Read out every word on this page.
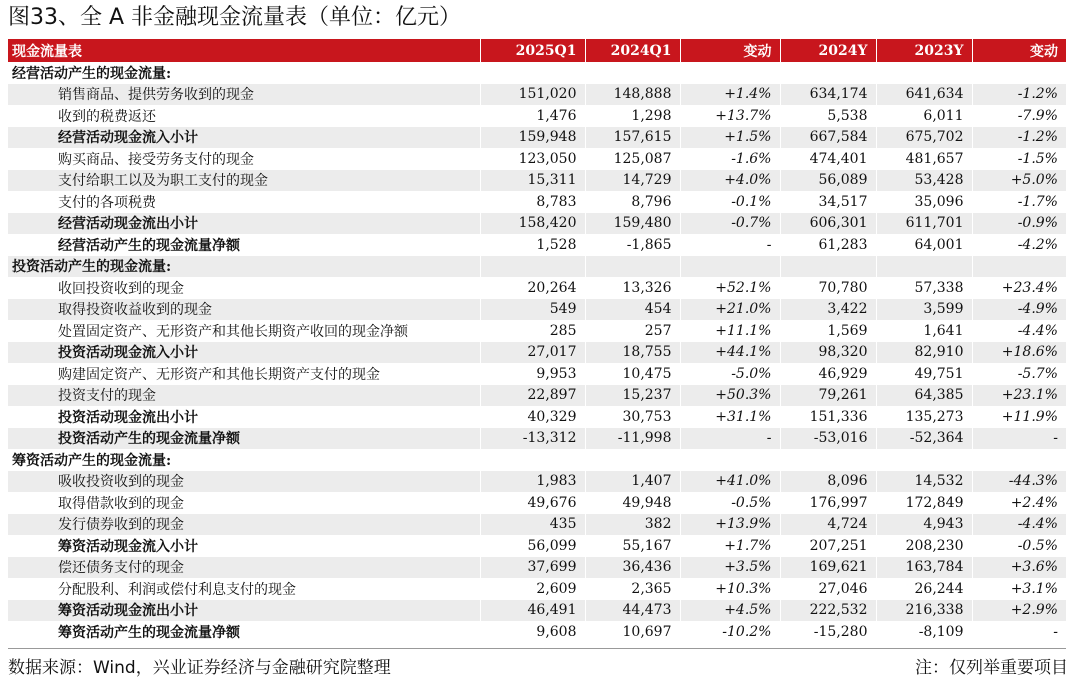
图33、全 A 非金融现金流量表（单位：亿元）
现金流量表	2025Q1	2024Q1	变动	2024Y	2023Y	变动
经营活动产生的现金流量:						
销售商品、提供劳务收到的现金	151,020	148,888	+1.4%	634,174	641,634	-1.2%
收到的税费返还	1,476	1,298	+13.7%	5,538	6,011	-7.9%
经营活动现金流入小计	159,948	157,615	+1.5%	667,584	675,702	-1.2%
购买商品、接受劳务支付的现金	123,050	125,087	-1.6%	474,401	481,657	-1.5%
支付给职工以及为职工支付的现金	15,311	14,729	+4.0%	56,089	53,428	+5.0%
支付的各项税费	8,783	8,796	-0.1%	34,517	35,096	-1.7%
经营活动现金流出小计	158,420	159,480	-0.7%	606,301	611,701	-0.9%
经营活动产生的现金流量净额	1,528	-1,865	-	61,283	64,001	-4.2%
投资活动产生的现金流量:						
收回投资收到的现金	20,264	13,326	+52.1%	70,780	57,338	+23.4%
取得投资收益收到的现金	549	454	+21.0%	3,422	3,599	-4.9%
处置固定资产、无形资产和其他长期资产收回的现金净额	285	257	+11.1%	1,569	1,641	-4.4%
投资活动现金流入小计	27,017	18,755	+44.1%	98,320	82,910	+18.6%
购建固定资产、无形资产和其他长期资产支付的现金	9,953	10,475	-5.0%	46,929	49,751	-5.7%
投资支付的现金	22,897	15,237	+50.3%	79,261	64,385	+23.1%
投资活动现金流出小计	40,329	30,753	+31.1%	151,336	135,273	+11.9%
投资活动产生的现金流量净额	-13,312	-11,998	-	-53,016	-52,364	-
筹资活动产生的现金流量:						
吸收投资收到的现金	1,983	1,407	+41.0%	8,096	14,532	-44.3%
取得借款收到的现金	49,676	49,948	-0.5%	176,997	172,849	+2.4%
发行债券收到的现金	435	382	+13.9%	4,724	4,943	-4.4%
筹资活动现金流入小计	56,099	55,167	+1.7%	207,251	208,230	-0.5%
偿还债务支付的现金	37,699	36,436	+3.5%	169,621	163,784	+3.6%
分配股利、利润或偿付利息支付的现金	2,609	2,365	+10.3%	27,046	26,244	+3.1%
筹资活动现金流出小计	46,491	44,473	+4.5%	222,532	216,338	+2.9%
筹资活动产生的现金流量净额	9,608	10,697	-10.2%	-15,280	-8,109	-
数据来源：Wind，兴业证券经济与金融研究院整理	注：仅列举重要项目
